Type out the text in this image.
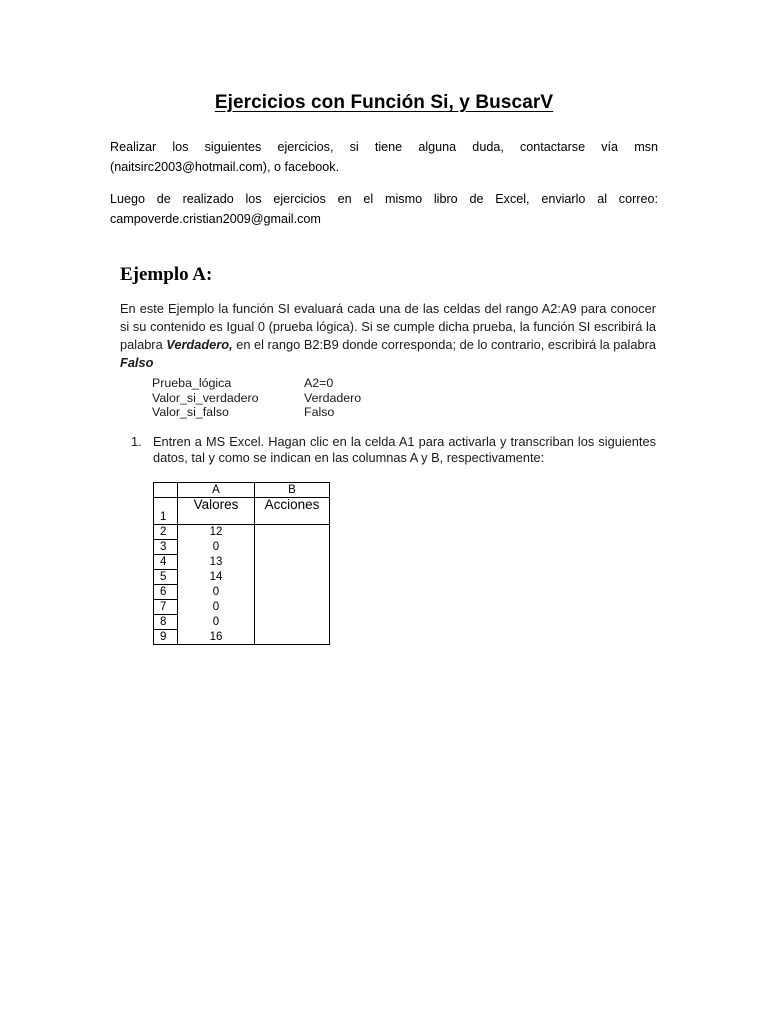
Ejercicios con Función Si, y BuscarV
Realizar los siguientes ejercicios, si tiene alguna duda, contactarse vía msn (naitsirc2003@hotmail.com), o facebook.
Luego de realizado los ejercicios en el mismo libro de Excel, enviarlo al correo: campoverde.cristian2009@gmail.com
Ejemplo A:
En este Ejemplo la función SI evaluará cada una de las celdas del rango A2:A9 para conocer si su contenido es Igual 0 (prueba lógica). Si se cumple dicha prueba, la función SI escribirá la palabra Verdadero, en el rango B2:B9 donde corresponda; de lo contrario, escribirá la palabra Falso
Prueba_lógica	A2=0
Valor_si_verdadero	Verdadero
Valor_si_falso	Falso
1. Entren a MS Excel. Hagan clic en la celda A1 para activarla y transcriban los siguientes datos, tal y como se indican en las columnas A y B, respectivamente:
	A	B
1	Valores	Acciones
2	12	
3	0	
4	13	
5	14	
6	0	
7	0	
8	0	
9	16	
